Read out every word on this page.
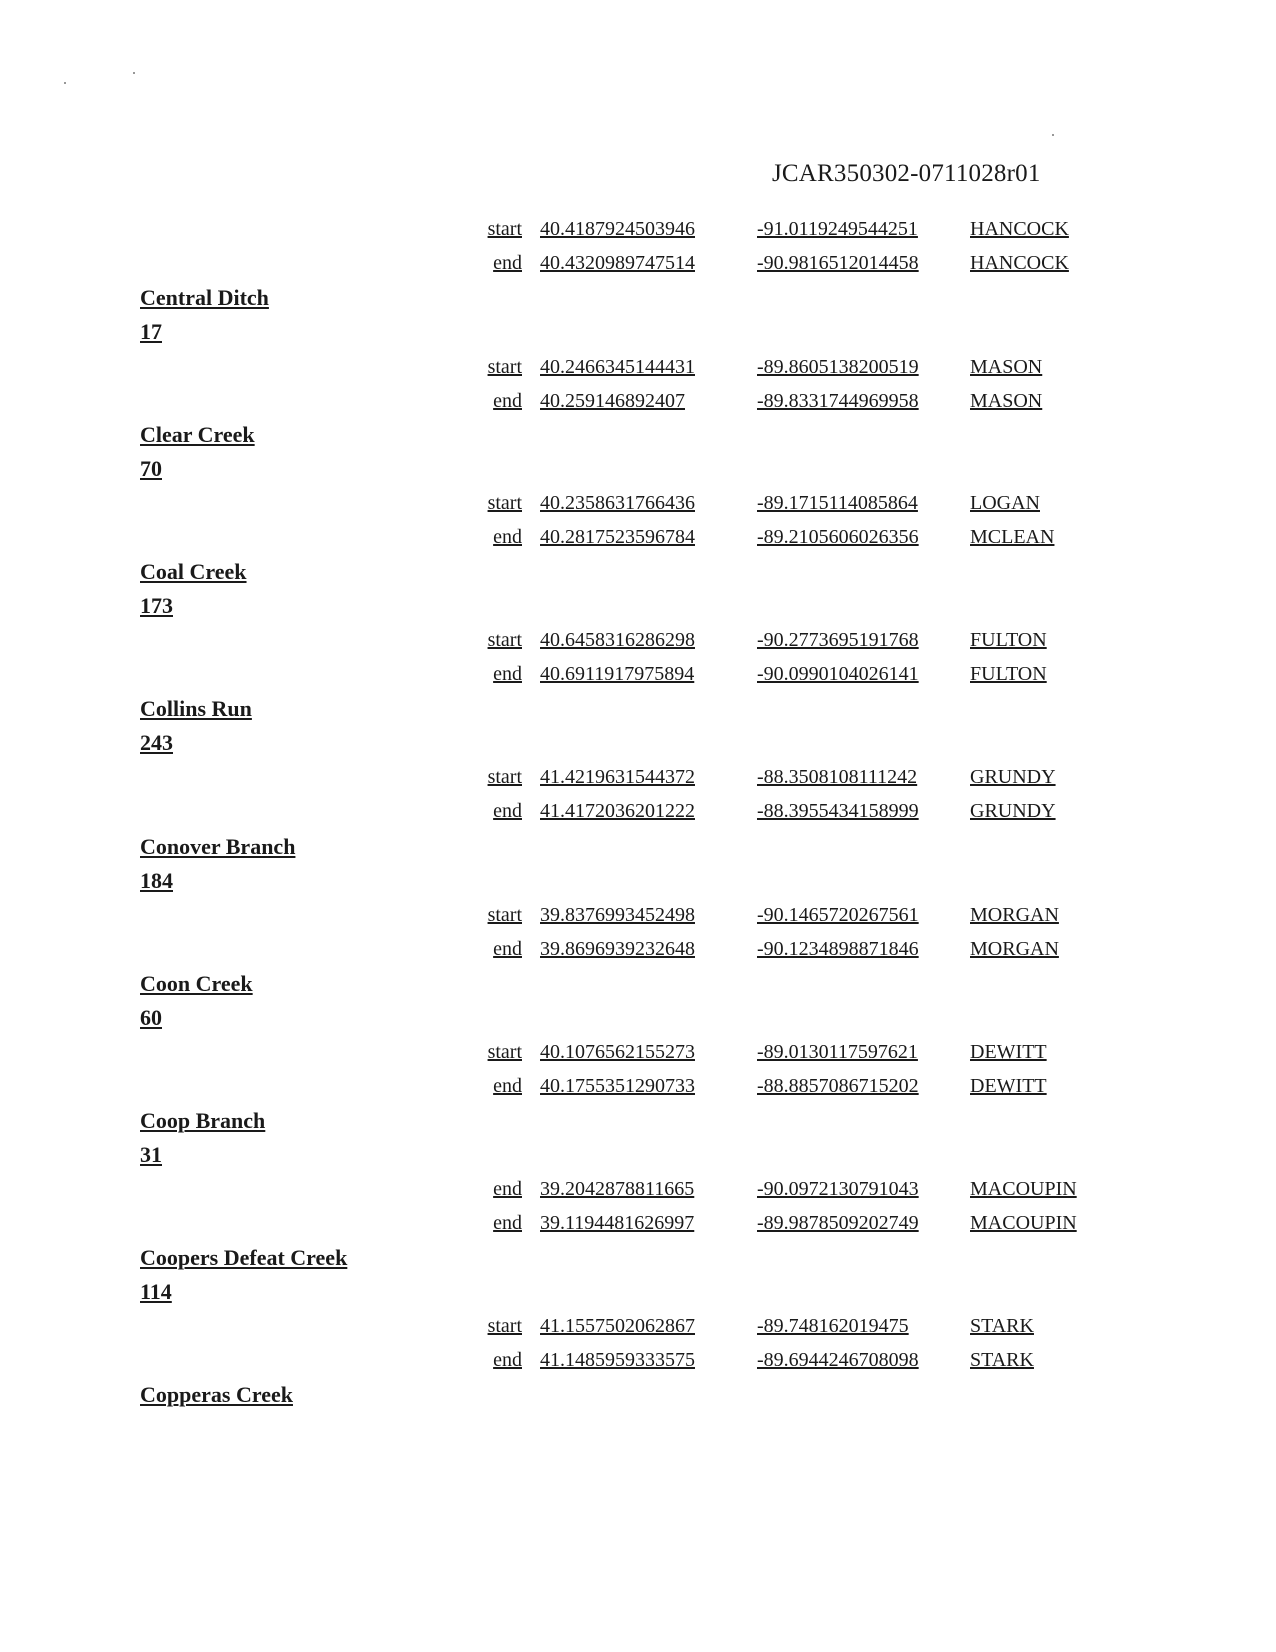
JCAR350302-0711028r01
start 40.4187924503946	-91.0119249544251	HANCOCK
end 40.4320989747514	-90.9816512014458	HANCOCK
Central Ditch
17
start 40.2466345144431	-89.8605138200519	MASON
end 40.259146892407	-89.8331744969958	MASON
Clear Creek
70
start 40.2358631766436	-89.1715114085864	LOGAN
end 40.2817523596784	-89.2105606026356	MCLEAN
Coal Creek
173
start 40.6458316286298	-90.2773695191768	FULTON
end 40.6911917975894	-90.0990104026141	FULTON
Collins Run
243
start 41.4219631544372	-88.3508108111242	GRUNDY
end 41.4172036201222	-88.3955434158999	GRUNDY
Conover Branch
184
start 39.8376993452498	-90.1465720267561	MORGAN
end 39.8696939232648	-90.1234898871846	MORGAN
Coon Creek
60
start 40.1076562155273	-89.0130117597621	DEWITT
end 40.1755351290733	-88.8857086715202	DEWITT
Coop Branch
31
end 39.2042878811665	-90.0972130791043	MACOUPIN
end 39.1194481626997	-89.9878509202749	MACOUPIN
Coopers Defeat Creek
114
start 41.1557502062867	-89.748162019475	STARK
end 41.1485959333575	-89.6944246708098	STARK
Copperas Creek
